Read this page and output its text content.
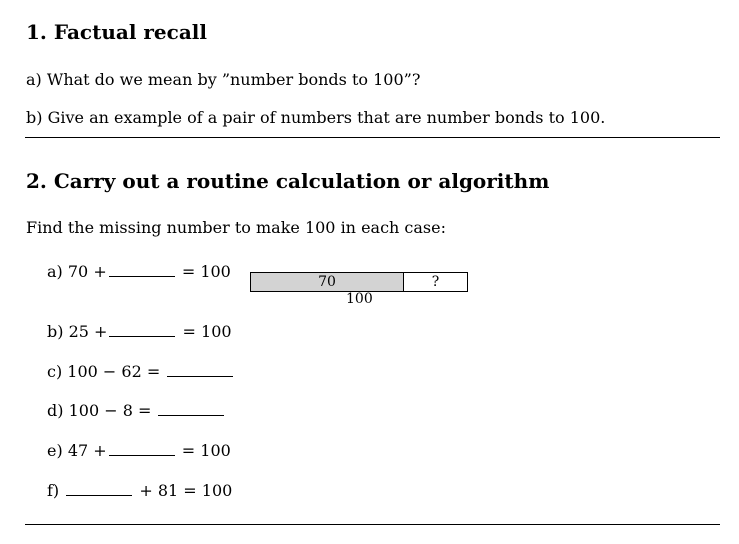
1. Factual recall
a) What do we mean by ”number bonds to 100”?
b) Give an example of a pair of numbers that are number bonds to 100.
2. Carry out a routine calculation or algorithm
Find the missing number to make 100 in each case:
a) 70 +	= 100
70	?
100
b) 25 +	= 100
c) 100 − 62 =
d) 100 − 8 =
e) 47 +	= 100
f)	+ 81 = 100
